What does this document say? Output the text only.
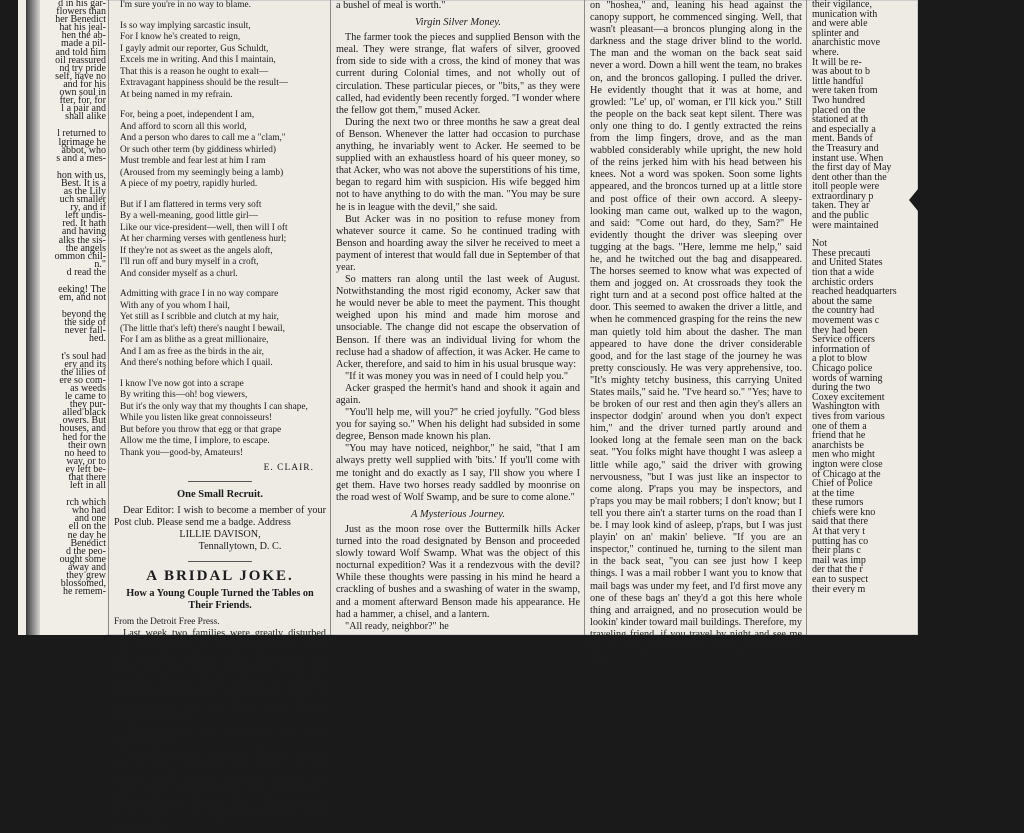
d in his gar-
flowers than
her Benedict
hat his jeal-
hen the ab-
made a pil-
and told him
oil reassured
nd try pride
self, have no
and for his
own soul in
fter, for, for
l a pair and
shall alike

l returned to
lgrimage he
abbot, who
s and a mes-

hon with us,
Best. It is a
as the Lily
uch smaller
ry, and if
left undis-
red. It hath
and having
alks the sis-
the angels
ommon chil-
n."
d read the

eeking! The
em, and not

beyond the
the side of
never fall-
hed.

t's soul had
ery and its
the lilies of
ere so com-
as weeds
le came to
they pur-
alled black
owers. But
houses, and
hed for the
their own
no heed to
way, or to
ey left be-
that there
left in all

rch which
who had
and one
ell on the
ne day he
Benedict
d the peo-
ought some
away and
they grew
blossomed,
he remem-
I'm sure you're in no way to blame.

Is so way implying sarcastic insult,
For I know he's created to reign,
I gayly admit our reporter, Gus Schuldt,
Excels me in writing. And this I maintain,
That this is a reason he ought to exalt—
Extravagant happiness should be the result—
At being named in my refrain.

For, being a poet, independent I am,
And afford to scorn all this world,
And a person who dares to call me a "clam,"
Or such other term (by giddiness whirled)
Must tremble and fear lest at him I ram
(Aroused from my seemingly being a lamb)
A piece of my poetry, rapidly hurled.

But if I am flattered in terms very soft
By a well-meaning, good little girl—
Like our vice-president—well, then will I oft
At her charming verses with gentleness hurl;
If they're not as sweet as the angels aloft,
I'll run off and bury myself in a croft,
And consider myself as a churl.

Admitting with grace I in no way compare
With any of you whom I hail,
Yet still as I scribble and clutch at my hair,
(The little that's left) there's naught I bewail,
For I am as blithe as a great millionaire,
And I am as free as the birds in the air,
And there's nothing before which I quail.

I know I've now got into a scrape
By writing this—oh! bog viewers,
But it's the only way that my thoughts I can shape,
While you listen like great connoisseurs!
But before you throw that egg or that grape
Allow me the time, I implore, to escape.
Thank you—good-by, Amateurs!
E. CLAIR.
One Small Recruit.

Dear Editor: I wish to become a member of your Post club. Please send me a badge. Address

LILLIE DAVISON,

Tennallytown, D. C.

A BRIDAL JOKE.
How a Young Couple Turned the Tables on Their Friends.

From the Detroit Free Press.

Last week two families were greatly disturbed over a telegram. To go back a little further, a son and a daughter of these families had married and gone away on a bridal tour of three weeks or a month, as the case might be. Two days after the three weeks were up, the bride's parents received a telegram from a country place on the Hudson River, which read:

"Have had a row with my husband. Am coming home. KITTY."

To say this was not startling would be to say what was not true, and the bride's parents at once hastened to the home of the groom's parents, only to find there a similar message, except that it read: "Have had a row with my wife." Messages were wired at once, but no replies were received, as the couple had no

a bushel of meal is worth."

Virgin Silver Money.

The farmer took the pieces and supplied Benson with the meal. They were strange, flat wafers of silver, grooved from side to side with a cross, the kind of money that was current during Colonial times, and not wholly out of circulation. These particular pieces, or "bits," as they were called, had evidently been recently forged. "I wonder where the fellow got them," mused Acker.

During the next two or three months he saw a great deal of Benson. Whenever the latter had occasion to purchase anything, he invariably went to Acker. He seemed to be supplied with an exhaustless hoard of his queer money, so that Acker, who was not above the superstitions of his time, began to regard him with suspicion. His wife begged him not to have anything to do with the man. "You may be sure he is in league with the devil," she said.

But Acker was in no position to refuse money from whatever source it came. So he continued trading with Benson and hoarding away the silver he received to meet a payment of interest that would fall due in September of that year.

So matters ran along until the last week of August. Notwithstanding the most rigid economy, Acker saw that he would never be able to meet the payment. This thought weighed upon his mind and made him morose and unsociable. The change did not escape the observation of Benson. If there was an individual living for whom the recluse had a shadow of affection, it was Acker. He came to Acker, therefore, and said to him in his usual brusque way:

"If it was money you was in need of I could help you."

Acker grasped the hermit's hand and shook it again and again.

"You'll help me, will you?" he cried joyfully. "God bless you for saying so." When his delight had subsided in some degree, Benson made known his plan.

"You may have noticed, neighbor," he said, "that I am always pretty well supplied with 'bits.' If you'll come with me tonight and do exactly as I say, I'll show you where I get them. Have two horses ready saddled by moonrise on the road west of Wolf Swamp, and be sure to come alone."

A Mysterious Journey.

Just as the moon rose over the Buttermilk hills Acker turned into the road designated by Benson and proceeded slowly toward Wolf Swamp. What was the object of this nocturnal expedition? Was it a rendezvous with the devil? While these thoughts were passing in his mind he heard a crackling of bushes and a swashing of water in the swamp, and a moment afterward Benson made his appearance. He had a hammer, a chisel, and a lantern.

"All ready, neighbor?" he

on "hoshea," and, leaning his head against the canopy support, he commenced singing. Well, that wasn't pleasant—a broncos plunging along in the darkness and the stage driver blind to the world. The man and the woman on the back seat said never a word. Down a hill went the team, no brakes on, and the broncos galloping. I pulled the driver. He evidently thought that it was at home, and growled: "Le' up, ol' woman, er I'll kick you." Still the people on the back seat kept silent. There was only one thing to do. I gently extracted the reins from the limp fingers, drove, and as the man wabbled considerably while upright, the new hold of the reins jerked him with his head between his knees. Not a word was spoken. Soon some lights appeared, and the broncos turned up at a little store and post office of their own accord. A sleepy-looking man came out, walked up to the wagon, and said: "Come out hard, do they, Sam?" He evidently thought the driver was sleeping over tugging at the bags. "Here, lemme me help," said he, and he twitched out the bag and disappeared. The horses seemed to know what was expected of them and jogged on. At crossroads they took the right turn and at a second post office halted at the door. This seemed to awaken the driver a little, and when he commenced grasping for the reins the new man quietly told him about the dasher. The man appeared to have done the driver considerable good, and for the last stage of the journey he was pretty consciously. He was very apprehensive, too. "It's mighty tetchy business, this carrying United States mails," said he. "I've heard so." "Yes; have to be broken of our rest and then agin they's allers an inspector dodgin' around when you don't expect him," and the driver turned partly around and looked long at the female seen man on the back seat. "You folks might have thought I was asleep a little while ago," said the driver with growing nervousness, "but I was just like an inspector to come along. P'raps you may be inspectors, and p'raps you may be mail robbers; I don't know; but I tell you there ain't a starter turns on the road than I be. I may look kind of asleep, p'raps, but I was just playin' on an' makin' believe. "If you are an inspector," continued he, turning to the silent man in the back seat, "you can see just how I keep things. I was a mail robber I want you to know that mail bags was under my feet, and I'd first move any one of these bags an' they'd a got this here whole thing and arraigned, and no prosecution would be lookin' kinder toward mail buildings. Therefore, my traveling friend, if you travel by night and see me kinder asleep, let him alone and he's got all the mail bags.

their vigilance,
munication with
and were able
splinter and
anarchistic move
where.
It will be re-
was about to b
little handful
were taken from
Two hundred
placed on the
stationed at th
and especially a
ment. Bands of
the Treasury and
instant use. When
the first day of May
dent other than the
itoll people were
extraordinary p
taken. They ar
and the public
were maintained

Not
These precauti
and United States
tion that a wide
archistic orders
reached headquarters
about the same
the country had
movement was c
they had been
Service officers
information of
a plot to blow
Chicago police
words of warning
during the two
Coxey excitement
Washington with
tives from various
one of them a
friend that he
anarchists be
men who might
ington were close
of Chicago at the
Chief of Police
at the time
these rumors
chiefs were kno
said that there
At that very t
putting has co
their plans c
mail was imp
der that the r
ean to suspect
their every m
